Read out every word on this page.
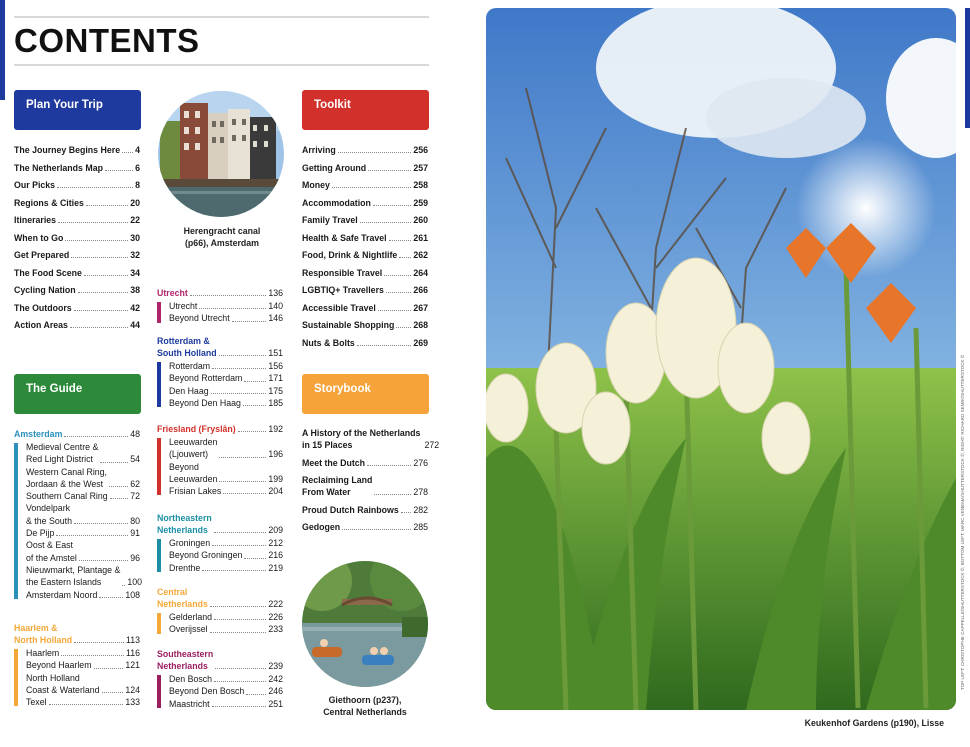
CONTENTS
Plan Your Trip
The Journey Begins Here 4
The Netherlands Map	6
Our Picks	8
Regions & Cities	20
Itineraries	22
When to Go	30
Get Prepared	32
The Food Scene	34
Cycling Nation	38
The Outdoors	42
Action Areas	44
The Guide
Amsterdam	48
Medieval Centre &
Red Light District	54
Western Canal Ring,
Jordaan & the West	62
Southern Canal Ring	72
Vondelpark
& the South	80
De Pijp	91
Oost & East
of the Amstel	96
Nieuwmarkt, Plantage &
the Eastern Islands	100
Amsterdam Noord	108
Haarlem &
North Holland	113
Haarlem	116
Beyond Haarlem	121
North Holland
Coast & Waterland	124
Texel	133
Utrecht	136
Utrecht	140
Beyond Utrecht	146
Rotterdam &
South Holland	151
Rotterdam	156
Beyond Rotterdam	171
Den Haag	175
Beyond Den Haag	185
Friesland (Fryslân)	192
Leeuwarden
(Ljouwert)	196
Beyond
Leeuwarden	199
Frisian Lakes	204
Northeastern
Netherlands	209
Groningen	212
Beyond Groningen	216
Drenthe	219
Central
Netherlands	222
Gelderland	226
Overijssel	233
Southeastern
Netherlands	239
Den Bosch	242
Beyond Den Bosch	246
Maastricht	251
Herengracht canal
(p66), Amsterdam
Toolkit
Arriving	256
Getting Around	257
Money	258
Accommodation	259
Family Travel	260
Health & Safe Travel	261
Food, Drink & Nightlife 262
Responsible Travel	264
LGBTIQ+ Travellers	266
Accessible Travel	267
Sustainable Shopping 268
Nuts & Bolts	269
Storybook
A History of the Netherlands
in 15 Places	272
Meet the Dutch	276
Reclaiming Land
From Water	278
Proud Dutch Rainbows 282
Gedogen	285
Giethoorn (p237),
Central Netherlands
TOP LEFT: CHRISTOPHE CAPPELLE/SHUTTERSTOCK ©; BOTTOM LEFT: MARC VENEMA/SHUTTERSTOCK ©; RIGHT: RICHARD SEMIK/SHUTTERSTOCK ©
Keukenhof Gardens (p190), Lisse
